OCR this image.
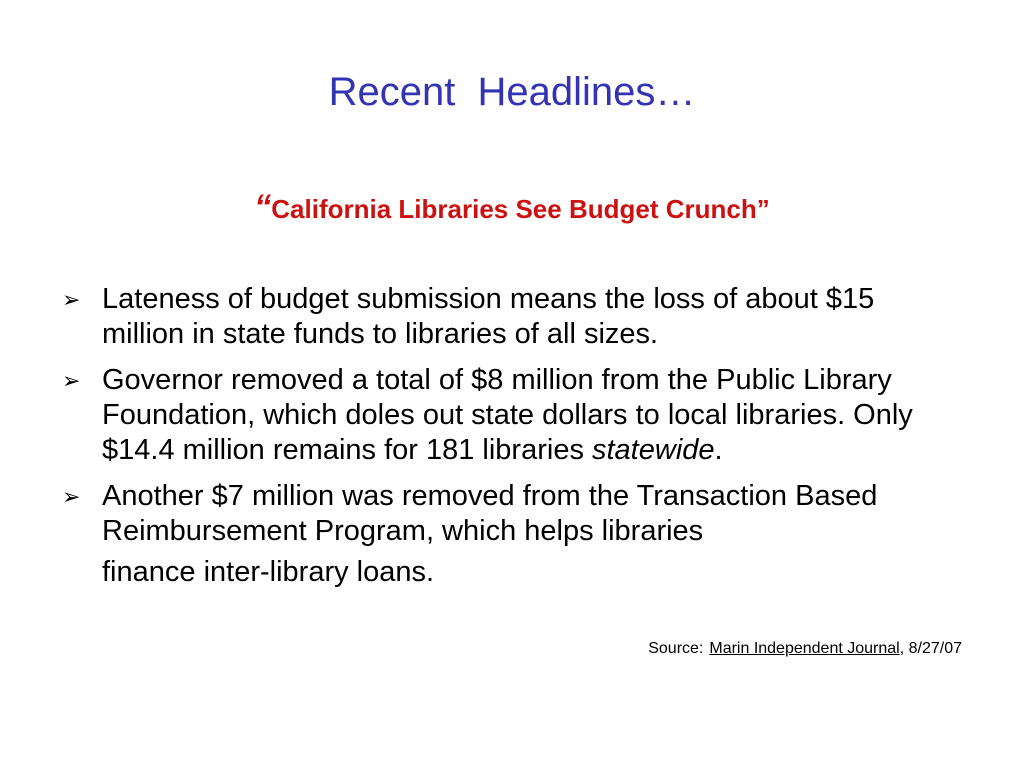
Recent  Headlines…
“California Libraries See Budget Crunch”
➢ Lateness of budget submission means the loss of about $15 million in state funds to libraries of all sizes.
➢ Governor removed a total of $8 million from the Public Library Foundation, which doles out state dollars to local libraries. Only $14.4 million remains for 181 libraries statewide.
➢ Another $7 million was removed from the Transaction Based Reimbursement Program, which helps libraries
finance inter-library loans.
Source: Marin Independent Journal, 8/27/07
